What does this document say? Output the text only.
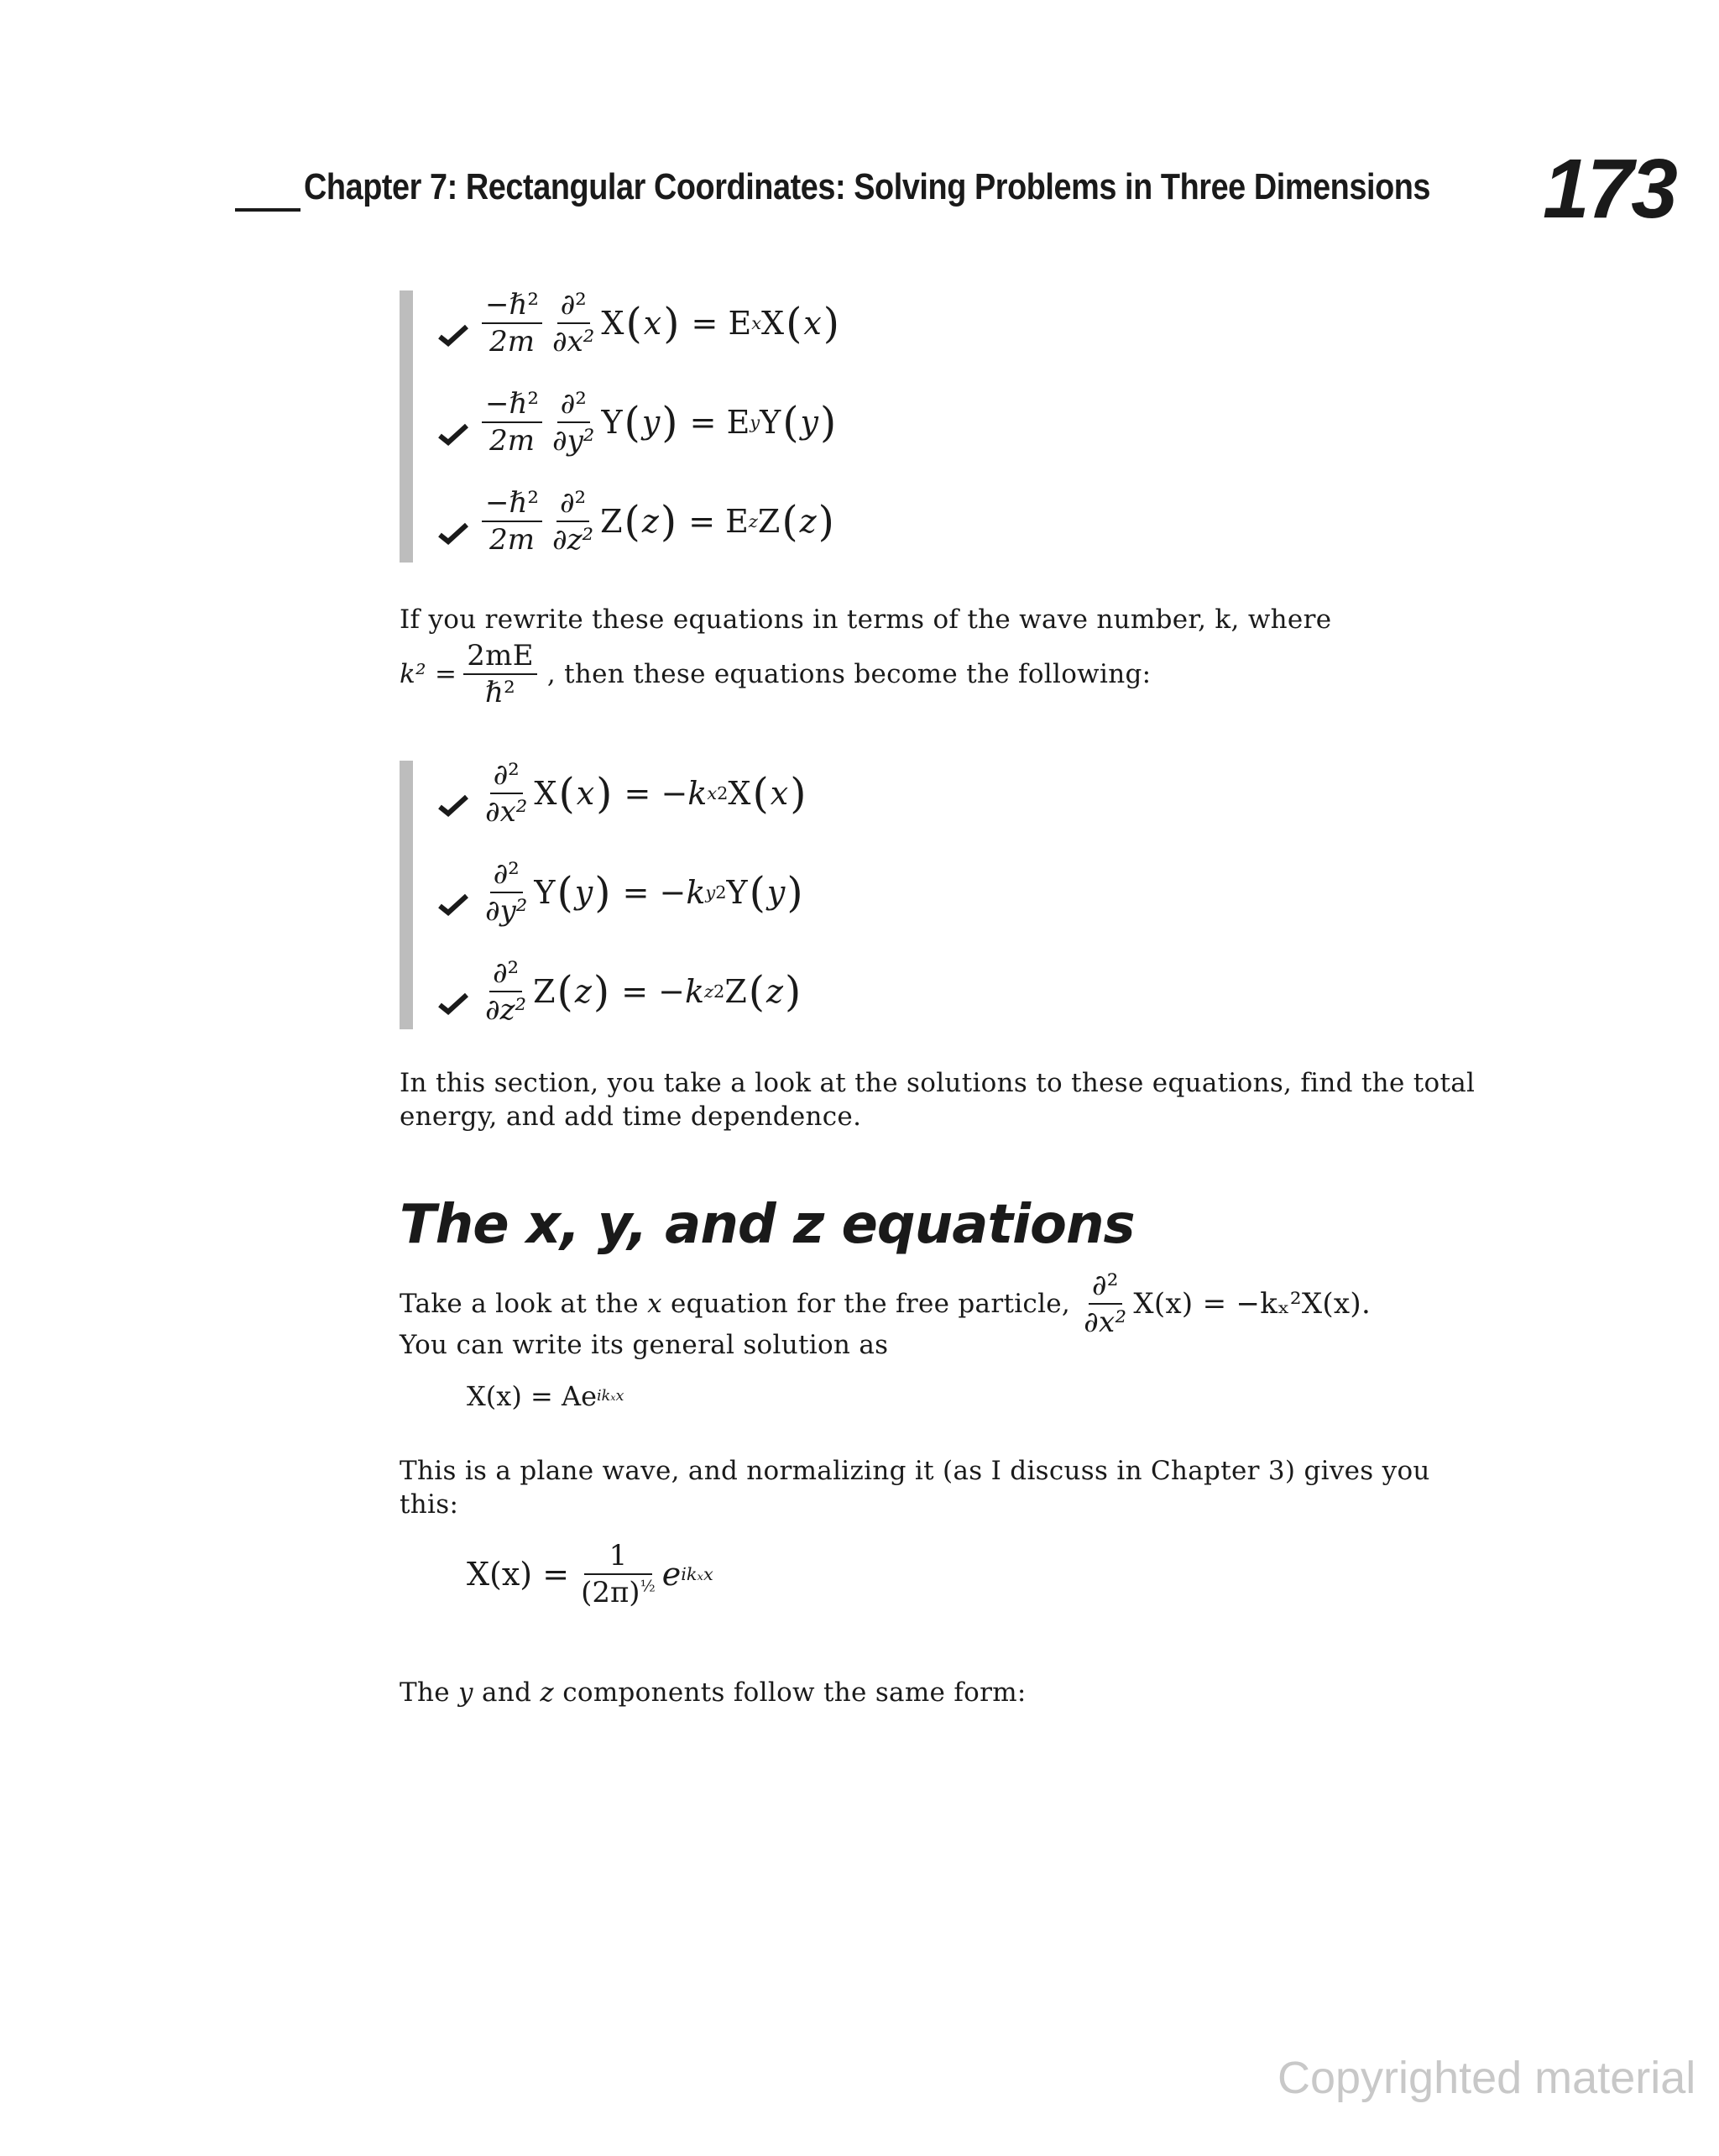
Chapter 7: Rectangular Coordinates: Solving Problems in Three Dimensions 173
$\frac{\text{−ℏ²}}{2m} \frac{\text{∂²}}{\text{∂x²}}$ X ( x ) = E x X ( x )
$\frac{\text{−ℏ²}}{2m} \frac{\text{∂²}}{\text{∂y²}}$ Y ( y ) = E y Y ( y )
$\frac{\text{−ℏ²}}{2m} \frac{\text{∂²}}{\text{∂z²}}$ Z ( z ) = E z Z ( z )
If you rewrite these equations in terms of the wave number, k, where
$k^2 = \frac{2mE}{\text{ℏ²}}$ , then these equations become the following:
$\frac{\text{∂²}}{\text{∂x²}}$ X ( x ) = − k x 2 X ( x )
$\frac{\text{∂²}}{\text{∂y²}}$ Y ( y ) = − k y 2 Y ( y )
$\frac{\text{∂²}}{\text{∂z²}}$ Z ( z ) = − k z 2 Z ( z )
In this section, you take a look at the solutions to these equations, find the total energy, and add time dependence.
The x, y, and z equations
Take a look at the
x
equation for the free particle, $\frac{\text{∂²}}{\text{∂x²}} X(x) = -k_x^2X(x)$.
You can write its general solution as
X(x) = Ae ikₓx
This is a plane wave, and normalizing it (as I discuss in Chapter 3) gives you this:
$X(x) = \frac{1}{(2\pi)^{\frac{1}{2}}}$ e ikₓx
The y and z components follow the same form:
Copyrighted material
